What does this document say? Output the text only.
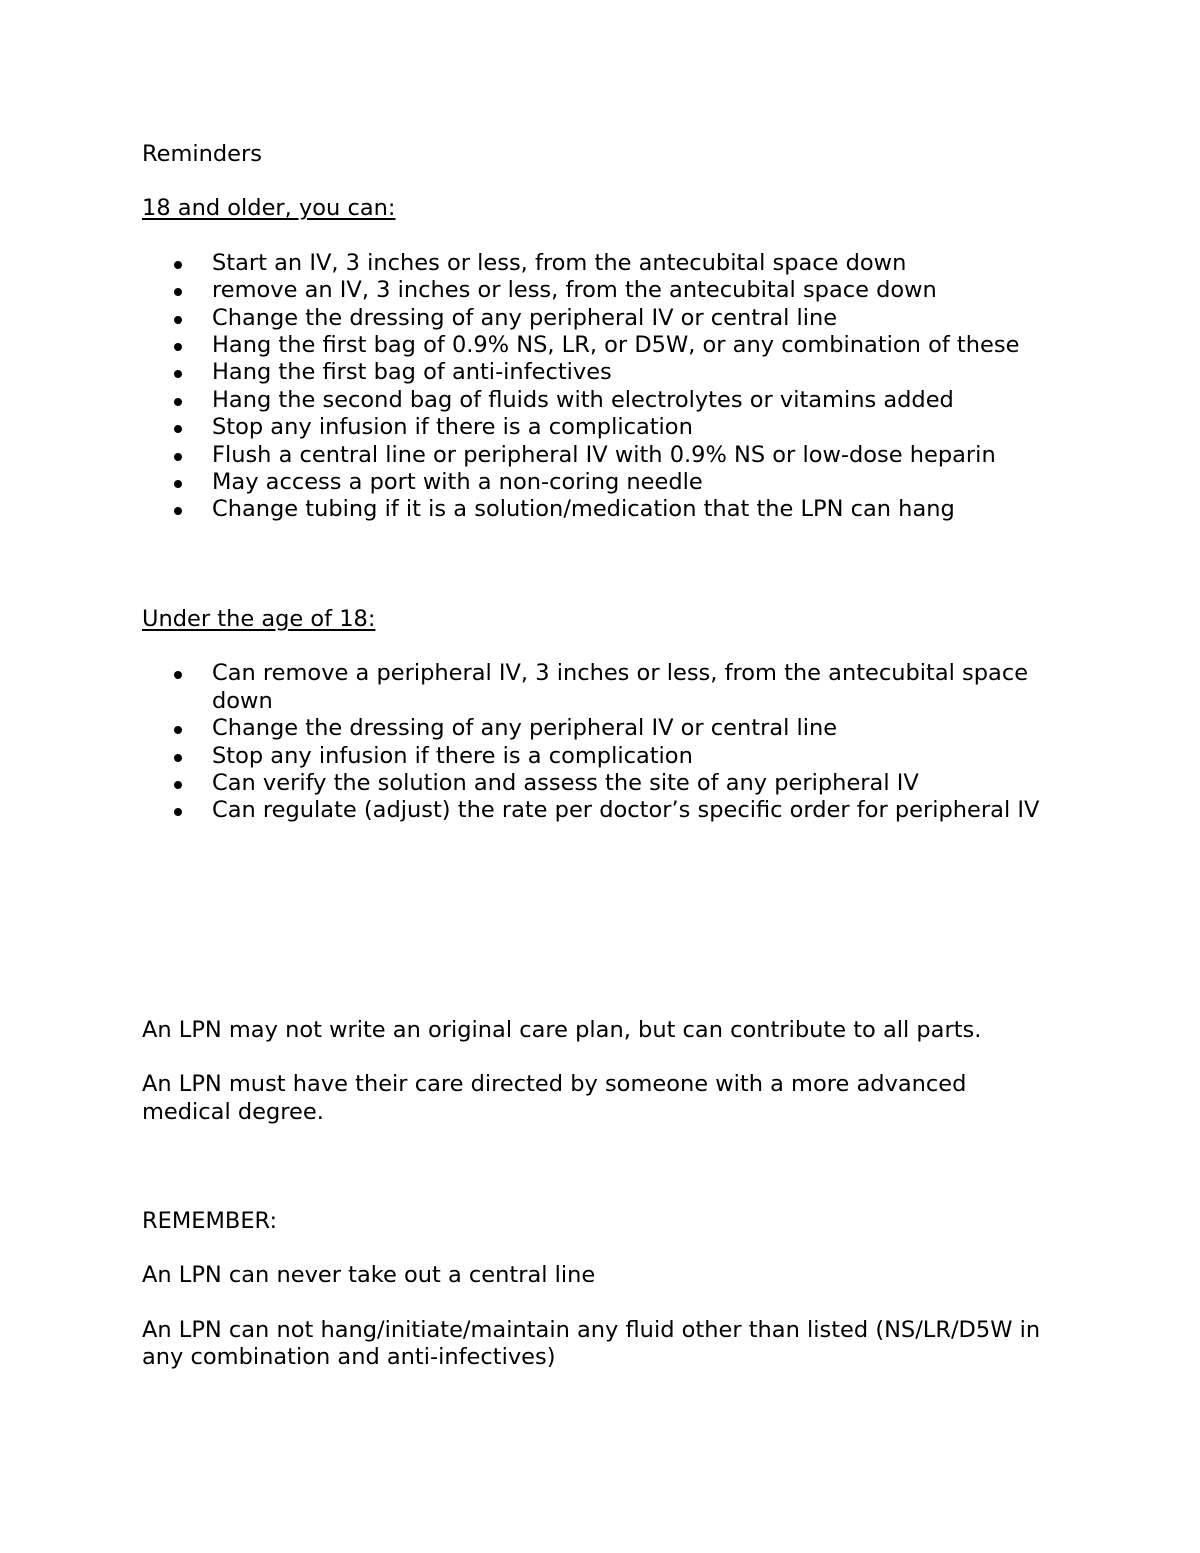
Reminders

18 and older, you can:

Start an IV, 3 inches or less, from the antecubital space down
remove an IV, 3 inches or less, from the antecubital space down
Change the dressing of any peripheral IV or central line
Hang the first bag of 0.9% NS, LR, or D5W, or any combination of these
Hang the first bag of anti-infectives
Hang the second bag of fluids with electrolytes or vitamins added
Stop any infusion if there is a complication
Flush a central line or peripheral IV with 0.9% NS or low-dose heparin
May access a port with a non-coring needle
Change tubing if it is a solution/medication that the LPN can hang

Under the age of 18:

Can remove a peripheral IV, 3 inches or less, from the antecubital space down
Change the dressing of any peripheral IV or central line
Stop any infusion if there is a complication
Can verify the solution and assess the site of any peripheral IV
Can regulate (adjust) the rate per doctor’s specific order for peripheral IV

An LPN may not write an original care plan, but can contribute to all parts.

An LPN must have their care directed by someone with a more advanced medical degree.

REMEMBER:

An LPN can never take out a central line

An LPN can not hang/initiate/maintain any fluid other than listed (NS/LR/D5W in any combination and anti-infectives)
